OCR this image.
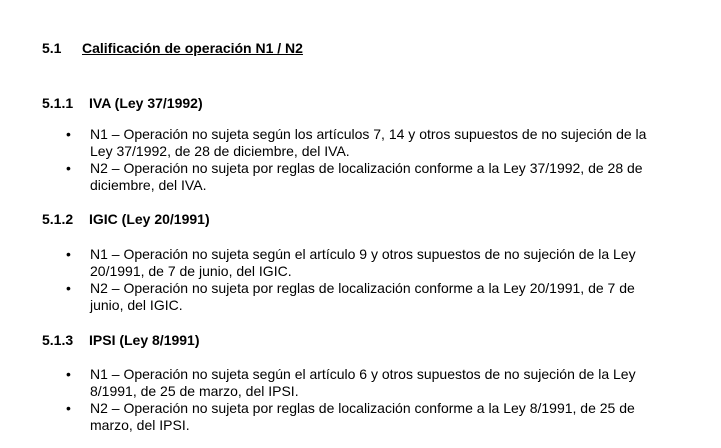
5.1 Calificación de operación N1 / N2
5.1.1 IVA (Ley 37/1992)
• N1 – Operación no sujeta según los artículos 7, 14 y otros supuestos de no sujeción de la Ley 37/1992, de 28 de diciembre, del IVA.
• N2 – Operación no sujeta por reglas de localización conforme a la Ley 37/1992, de 28 de diciembre, del IVA.
5.1.2 IGIC (Ley 20/1991)
• N1 – Operación no sujeta según el artículo 9 y otros supuestos de no sujeción de la Ley 20/1991, de 7 de junio, del IGIC.
• N2 – Operación no sujeta por reglas de localización conforme a la Ley 20/1991, de 7 de junio, del IGIC.
5.1.3 IPSI (Ley 8/1991)
• N1 – Operación no sujeta según el artículo 6 y otros supuestos de no sujeción de la Ley 8/1991, de 25 de marzo, del IPSI.
• N2 – Operación no sujeta por reglas de localización conforme a la Ley 8/1991, de 25 de marzo, del IPSI.
